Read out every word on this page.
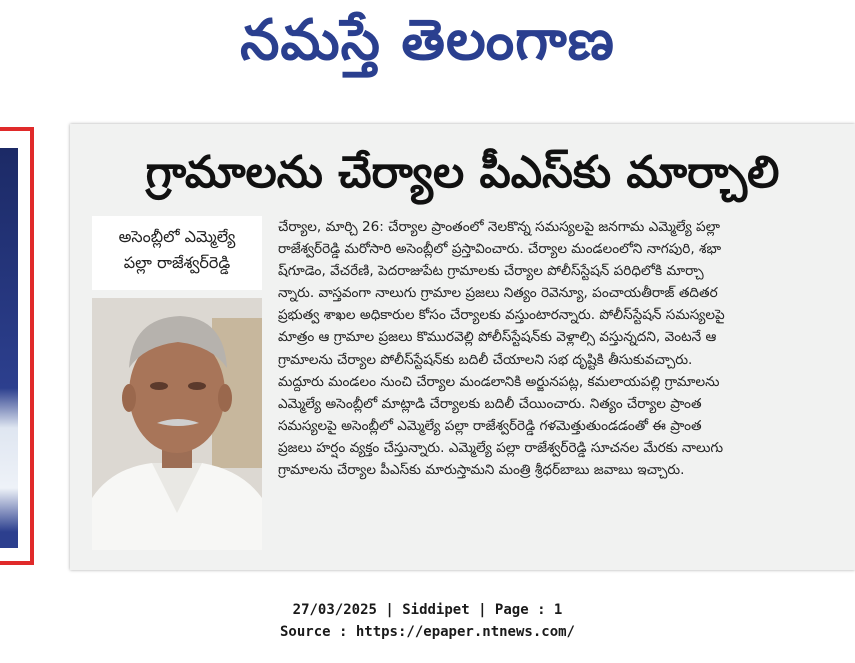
నమస్తే తెలంగాణ
గ్రామాలను చేర్యాల పీఎస్‌కు మార్చాలి
అసెంబ్లీలో ఎమ్మెల్యే
పల్లా రాజేశ్వర్‌రెడ్డి

చేర్యాల, మార్చి 26: చేర్యాల ప్రాంతంలో నెలకొన్న సమస్యలపై జనగామ ఎమ్మెల్యే పల్లా

రాజేశ్వర్‌రెడ్డి మరోసారి అసెంబ్లీలో ప్రస్తావించారు. చేర్యాల మండలంలోని నాగపురి, శభా

ష్‌గూడెం, వేచరేణి, పెదరాజుపేట గ్రామాలకు చేర్యాల పోలీస్‌స్టేషన్ పరిధిలోకి మార్చా

న్నారు. వాస్తవంగా నాలుగు గ్రామాల ప్రజలు నిత్యం రెవెన్యూ, పంచాయతీరాజ్ తదితర

ప్రభుత్వ శాఖల అధికారుల కోసం చేర్యాలకు వస్తుంటారన్నారు. పోలీస్‌స్టేషన్ సమస్యలపై

మాత్రం ఆ గ్రామాల ప్రజలు కొమురవెల్లి పోలీస్‌స్టేషన్‌కు వెళ్లాల్సి వస్తున్నదని, వెంటనే ఆ

గ్రామాలను చేర్యాల పోలీస్‌స్టేషన్‌కు బదిలీ చేయాలని సభ దృష్టికి తీసుకువచ్చారు.

మద్దూరు మండలం నుంచి చేర్యాల మండలానికి అర్జునపట్ల, కమలాయపల్లి గ్రామాలను

ఎమ్మెల్యే అసెంబ్లీలో మాట్లాడి చేర్యాలకు బదిలీ చేయించారు. నిత్యం చేర్యాల ప్రాంత

సమస్యలపై అసెంబ్లీలో ఎమ్మెల్యే పల్లా రాజేశ్వర్‌రెడ్డి గళమెత్తుతుండడంతో ఈ ప్రాంత

ప్రజలు హర్షం వ్యక్తం చేస్తున్నారు. ఎమ్మెల్యే పల్లా రాజేశ్వర్‌రెడ్డి సూచనల మేరకు నాలుగు

గ్రామాలను చేర్యాల పీఎస్‌కు మారుస్తామని మంత్రి శ్రీధర్‌బాబు జవాబు ఇచ్చారు.

27/03/2025 | Siddipet | Page : 1
Source : https://epaper.ntnews.com/
